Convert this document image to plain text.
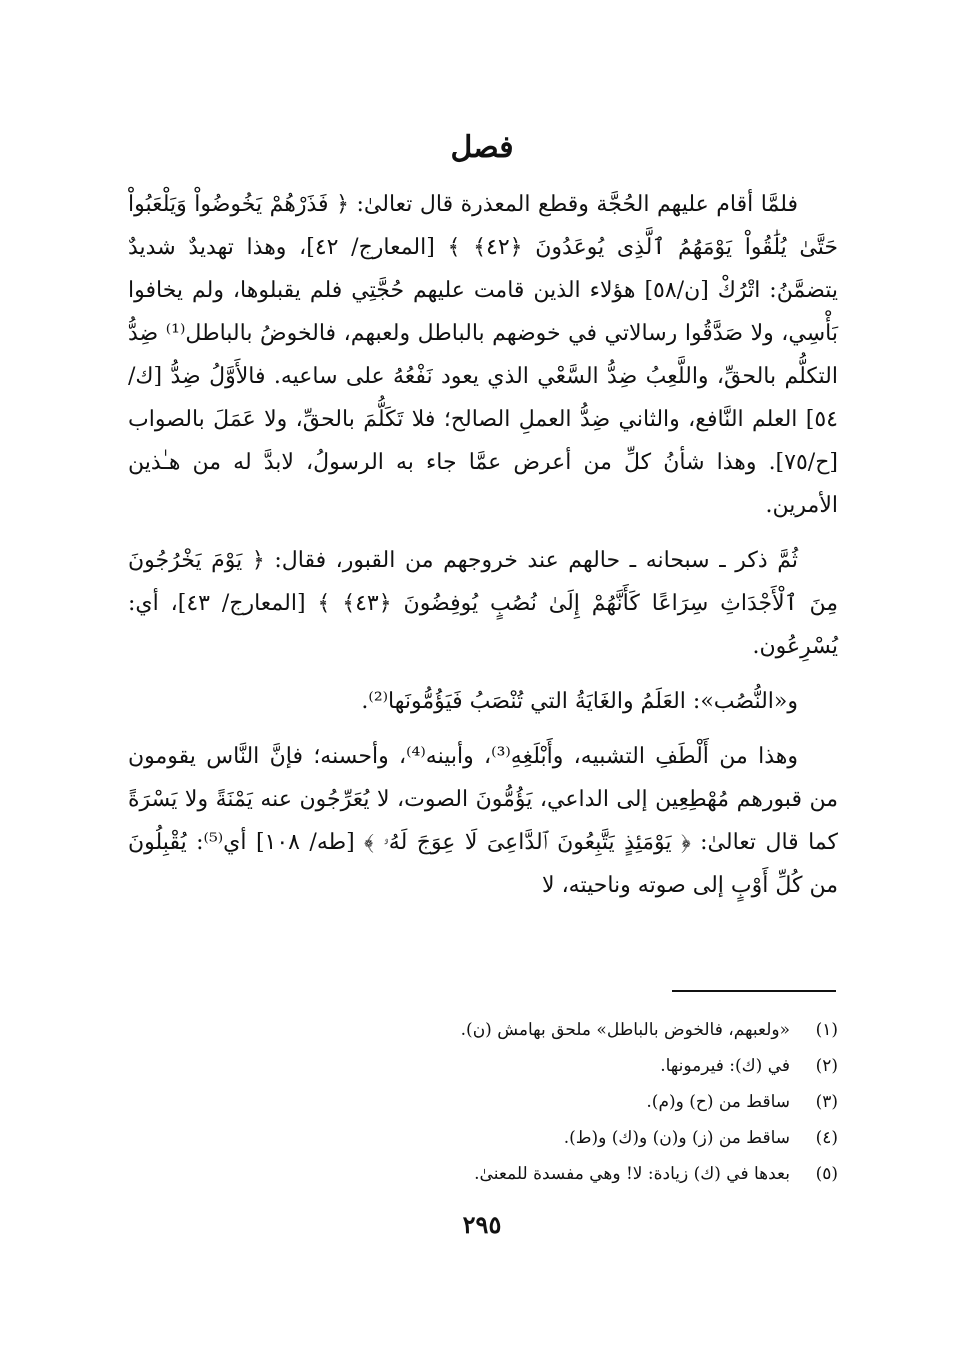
فصل

فلمَّا أقام عليهم الحُجَّة وقطع المعذرة قال تعالىٰ: ﴿ فَذَرْهُمْ يَخُوضُواْ وَيَلْعَبُواْ حَتَّىٰ يُلَٰقُواْ يَوْمَهُمُ ٱلَّذِى يُوعَدُونَ ﴿٤٢﴾ ﴾ [المعارج/ ٤٢]، وهذا تهديدٌ شديدٌ يتضمَّنُ: اتْرُكْ [ن/٥٨] هؤلاء الذين قامت عليهم حُجَّتِي فلم يقبلوها، ولم يخافوا بَأْسِي، ولا صَدَّقُوا رسالاتي في خوضهم بالباطل ولعبهم، فالخوضُ بالباطل⁽¹⁾ ضِدُّ التكلُّم بالحقِّ، واللَّعِبُ ضِدُّ السَّعْي الذي يعود نَفْعُهُ على ساعيه. فالأَوَّلُ ضِدُّ [ك/ ٥٤] العلم النَّافع، والثاني ضِدُّ العملِ الصالح؛ فلا تَكَلُّمَ بالحقِّ، ولا عَمَلَ بالصواب [ح/٧٥]. وهذا شأنُ كلِّ من أعرض عمَّا جاء به الرسولُ، لابدَّ له من هـٰذين الأمرين.

ثُمَّ ذكر ـ سبحانه ـ حالهم عند خروجهم من القبور، فقال: ﴿ يَوْمَ يَخْرُجُونَ مِنَ ٱلْأَجْدَاثِ سِرَاعًا كَأَنَّهُمْ إِلَىٰ نُصُبٍ يُوفِضُونَ ﴿٤٣﴾ ﴾ [المعارج/ ٤٣]، أي: يُسْرِعُون.

و«النُّصُب»: العَلَمُ والغَايَةُ التي تُنْصَبُ فَيَؤُمُّونَها⁽²⁾.

وهذا من أَلْطَفِ التشبيه، وأَبْلَغِهِ⁽³⁾، وأبينه⁽⁴⁾، وأحسنه؛ فإنَّ النَّاس يقومون من قبورهم مُهْطِعِين إلى الداعي، يَؤُمُّونَ الصوت، لا يُعَرِّجُون عنه يَمْنَةً ولا يَسْرَةً كما قال تعالىٰ: ﴿ يَوْمَئِذٍ يَتَّبِعُونَ ٱلدَّاعِىَ لَا عِوَجَ لَهُۥ ﴾ [طه/ ١٠٨] أي⁽⁵⁾: يُقْبِلُونَ من كُلِّ أَوْبٍ إلى صوته وناحيته، لا

(١)
«ولعبهم، فالخوض بالباطل» ملحق بهامش (ن).
(٢)
في (ك): فيرمونها.
(٣)
ساقط من (ح) و(م).
(٤)
ساقط من (ز) و(ن) و(ك) و(ط).
(٥)
بعدها في (ك) زيادة: لا! وهي مفسدة للمعنىٰ.
٢٩٥
